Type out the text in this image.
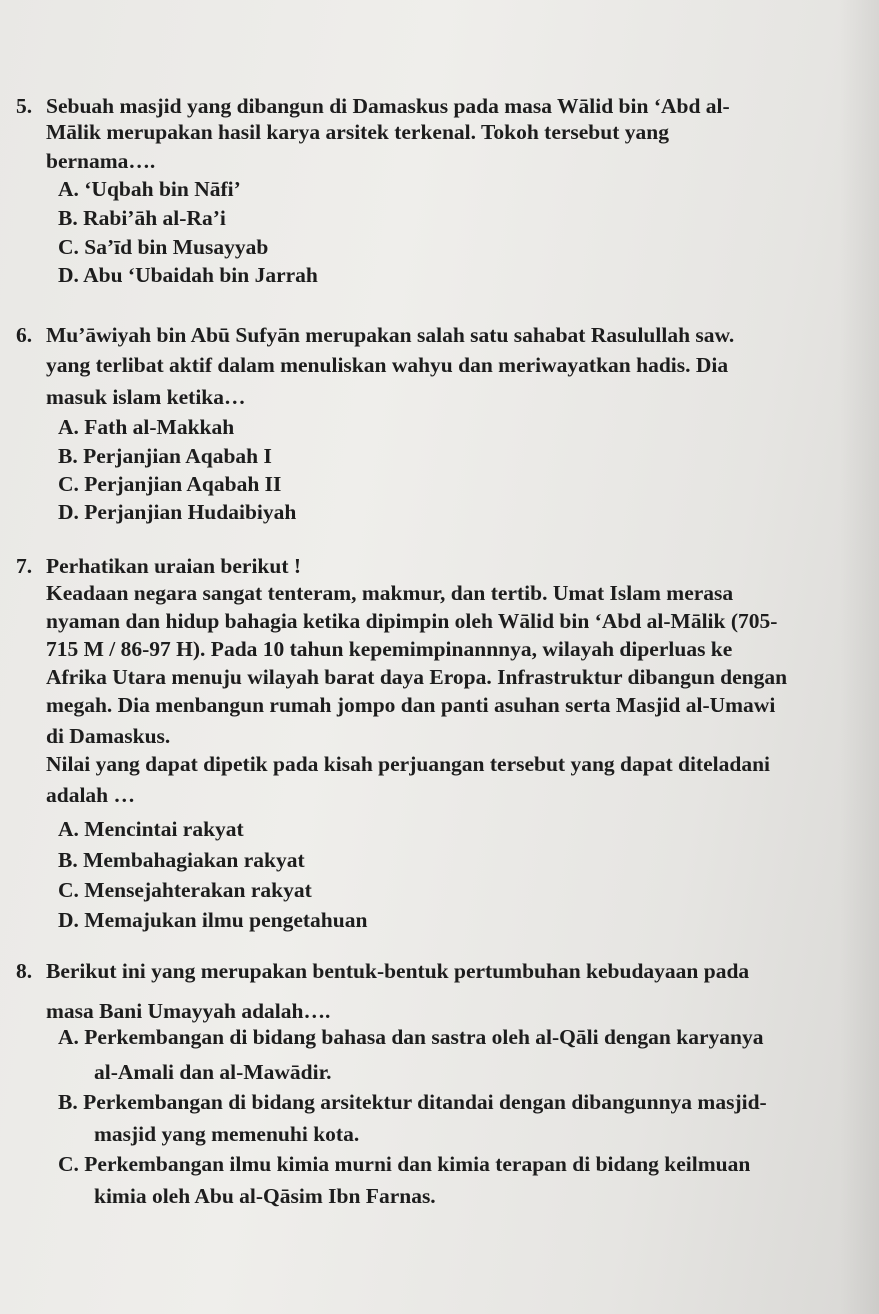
5. Sebuah masjid yang dibangun di Damaskus pada masa Wālid bin ‘Abd al-
Mālik merupakan hasil karya arsitek terkenal. Tokoh tersebut yang
bernama….
A. ‘Uqbah bin Nāfi’
B. Rabi’āh al-Ra’i
C. Sa’īd bin Musayyab
D. Abu ‘Ubaidah bin Jarrah
6. Mu’āwiyah bin Abū Sufyān merupakan salah satu sahabat Rasulullah saw.
yang terlibat aktif dalam menuliskan wahyu dan meriwayatkan hadis. Dia
masuk islam ketika…
A. Fath al-Makkah
B. Perjanjian Aqabah I
C. Perjanjian Aqabah II
D. Perjanjian Hudaibiyah
7. Perhatikan uraian berikut !
Keadaan negara sangat tenteram, makmur, dan tertib. Umat Islam merasa
nyaman dan hidup bahagia ketika dipimpin oleh Wālid bin ‘Abd al-Mālik (705-
715 M / 86-97 H). Pada 10 tahun kepemimpinannnya, wilayah diperluas ke
Afrika Utara menuju wilayah barat daya Eropa. Infrastruktur dibangun dengan
megah. Dia menbangun rumah jompo dan panti asuhan serta Masjid al-Umawi
di Damaskus.
Nilai yang dapat dipetik pada kisah perjuangan tersebut yang dapat diteladani
adalah …
A. Mencintai rakyat
B. Membahagiakan rakyat
C. Mensejahterakan rakyat
D. Memajukan ilmu pengetahuan
8. Berikut ini yang merupakan bentuk-bentuk pertumbuhan kebudayaan pada
masa Bani Umayyah adalah….
A. Perkembangan di bidang bahasa dan sastra oleh al-Qāli dengan karyanya
al-Amali dan al-Mawādir.
B. Perkembangan di bidang arsitektur ditandai dengan dibangunnya masjid-
masjid yang memenuhi kota.
C. Perkembangan ilmu kimia murni dan kimia terapan di bidang keilmuan
kimia oleh Abu al-Qāsim Ibn Farnas.
